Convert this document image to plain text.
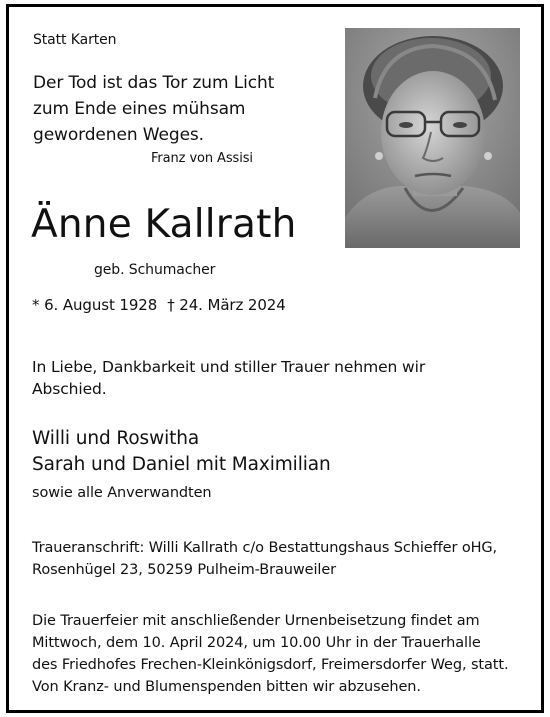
Statt Karten
Der Tod ist das Tor zum Licht
zum Ende eines mühsam
gewordenen Weges.
Franz von Assisi
Änne Kallrath
geb. Schumacher
* 6. August 1928 † 24. März 2024
In Liebe, Dankbarkeit und stiller Trauer nehmen wir
Abschied.
Willi und Roswitha
Sarah und Daniel mit Maximilian
sowie alle Anverwandten
Traueranschrift: Willi Kallrath c/o Bestattungshaus Schieffer oHG,
Rosenhügel 23, 50259 Pulheim-Brauweiler
Die Trauerfeier mit anschließender Urnenbeisetzung findet am
Mittwoch, dem 10. April 2024, um 10.00 Uhr in der Trauerhalle
des Friedhofes Frechen-Kleinkönigsdorf, Freimersdorfer Weg, statt.
Von Kranz- und Blumenspenden bitten wir abzusehen.
